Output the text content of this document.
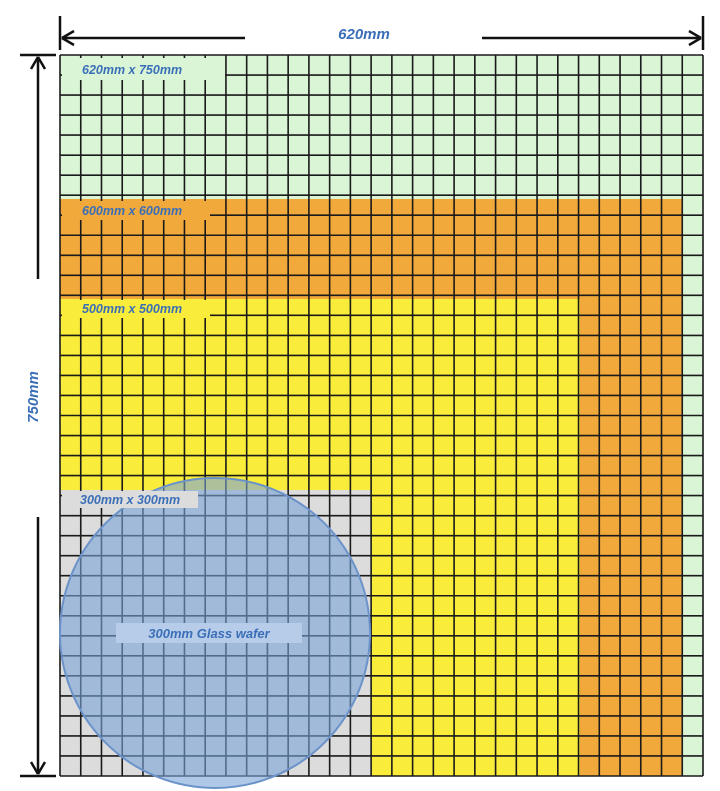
620mm x 750mm
600mm x 600mm
500mm x 500mm
300mm x 300mm
300mm Glass wafer
620mm
750mm
